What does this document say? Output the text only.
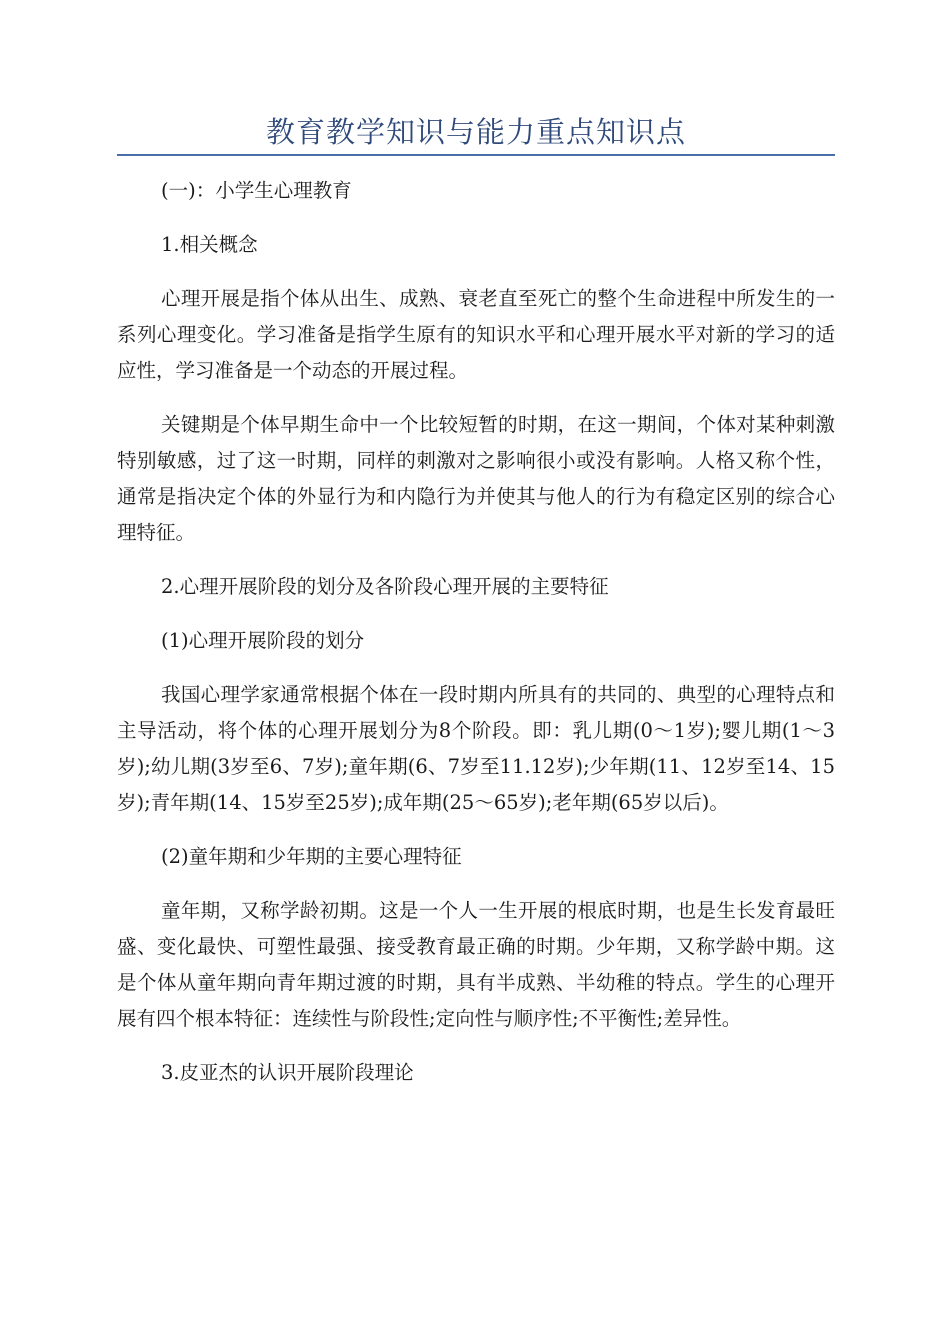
教育教学知识与能力重点知识点

(一)：小学生心理教育

1.相关概念

心理开展是指个体从出生、成熟、衰老直至死亡的整个生命进程中所发生的一系列心理变化。学习准备是指学生原有的知识水平和心理开展水平对新的学习的适应性，学习准备是一个动态的开展过程。

关键期是个体早期生命中一个比较短暂的时期，在这一期间，个体对某种刺激特别敏感，过了这一时期，同样的刺激对之影响很小或没有影响。人格又称个性，通常是指决定个体的外显行为和内隐行为并使其与他人的行为有稳定区别的综合心理特征。

2.心理开展阶段的划分及各阶段心理开展的主要特征

(1)心理开展阶段的划分

我国心理学家通常根据个体在一段时期内所具有的共同的、典型的心理特点和主导活动，将个体的心理开展划分为8个阶段。即：乳儿期(0～1岁);婴儿期(1～3岁);幼儿期(3岁至6、7岁);童年期(6、7岁至11.12岁);少年期(11、12岁至14、15岁);青年期(14、15岁至25岁);成年期(25～65岁);老年期(65岁以后)。

(2)童年期和少年期的主要心理特征

童年期，又称学龄初期。这是一个人一生开展的根底时期，也是生长发育最旺盛、变化最快、可塑性最强、接受教育最正确的时期。少年期，又称学龄中期。这是个体从童年期向青年期过渡的时期，具有半成熟、半幼稚的特点。学生的心理开展有四个根本特征：连续性与阶段性;定向性与顺序性;不平衡性;差异性。

3.皮亚杰的认识开展阶段理论
